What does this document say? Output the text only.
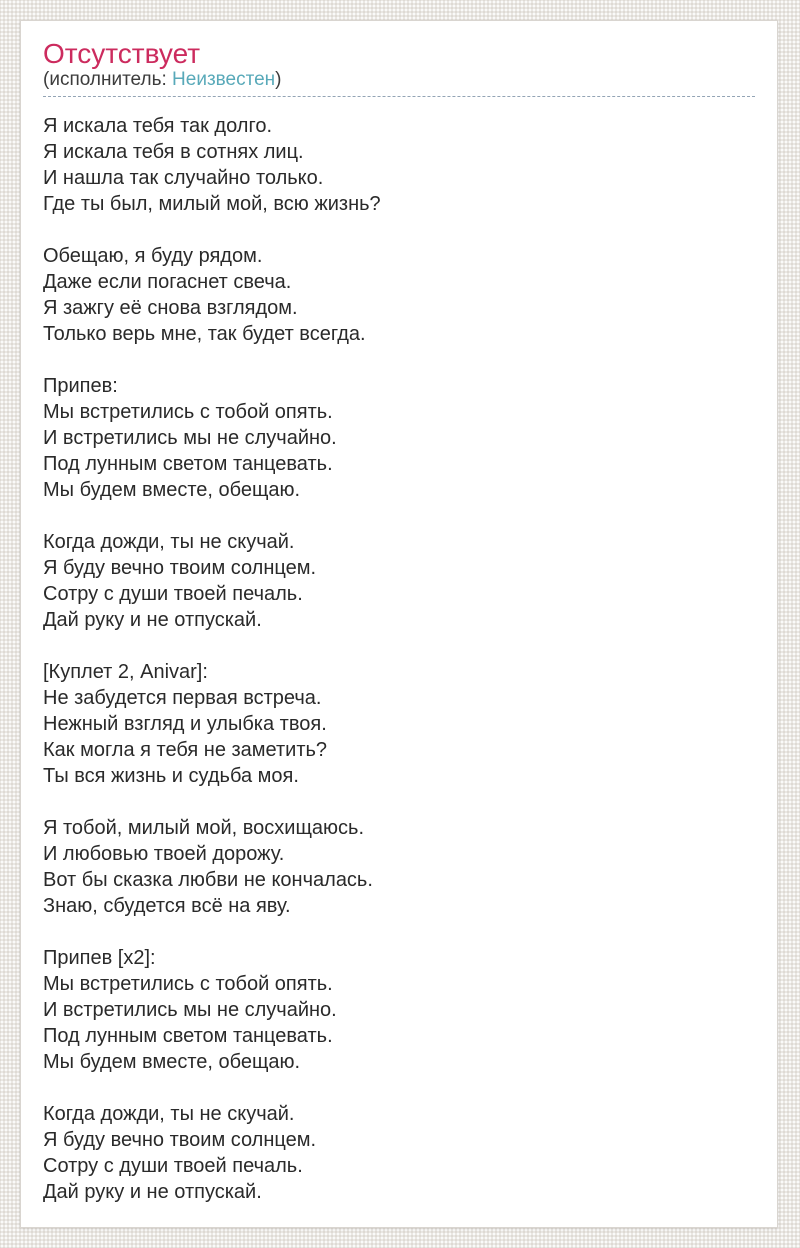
Отсутствует
(исполнитель: Неизвестен)

Я искала тебя так долго.
Я искала тебя в сотнях лиц.
И нашла так случайно только.
Где ты был, милый мой, всю жизнь?

Обещаю, я буду рядом.
Даже если погаснет свеча.
Я зажгу её снова взглядом.
Только верь мне, так будет всегда.

Припев:
Мы встретились с тобой опять.
И встретились мы не случайно.
Под лунным светом танцевать.
Мы будем вместе, обещаю.

Когда дожди, ты не скучай.
Я буду вечно твоим солнцем.
Сотру с души твоей печаль.
Дай руку и не отпускай.

[Куплет 2, Anivar]:
Не забудется первая встреча.
Нежный взгляд и улыбка твоя.
Как могла я тебя не заметить?
Ты вся жизнь и судьба моя.

Я тобой, милый мой, восхищаюсь.
И любовью твоей дорожу.
Вот бы сказка любви не кончалась.
Знаю, сбудется всё на яву.

Припев [x2]:
Мы встретились с тобой опять.
И встретились мы не случайно.
Под лунным светом танцевать.
Мы будем вместе, обещаю.

Когда дожди, ты не скучай.
Я буду вечно твоим солнцем.
Сотру с души твоей печаль.
Дай руку и не отпускай.
